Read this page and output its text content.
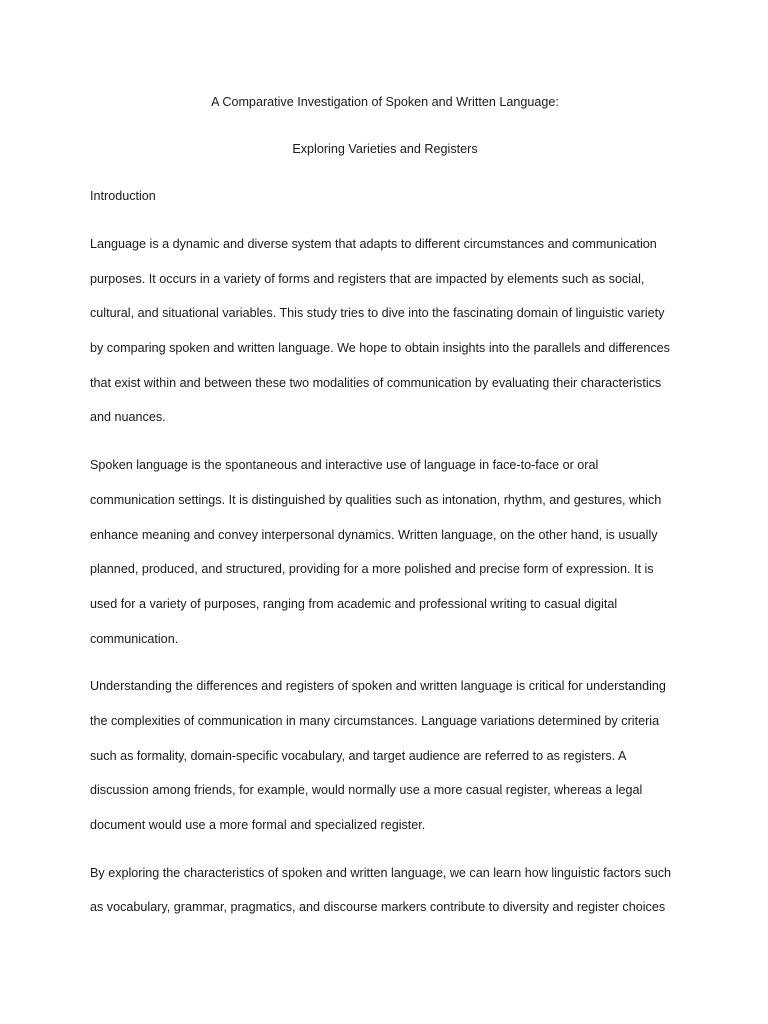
A Comparative Investigation of Spoken and Written Language:
Exploring Varieties and Registers
Introduction

Language is a dynamic and diverse system that adapts to different circumstances and communication
purposes. It occurs in a variety of forms and registers that are impacted by elements such as social,
cultural, and situational variables. This study tries to dive into the fascinating domain of linguistic variety
by comparing spoken and written language. We hope to obtain insights into the parallels and differences
that exist within and between these two modalities of communication by evaluating their characteristics
and nuances.

Spoken language is the spontaneous and interactive use of language in face-to-face or oral
communication settings. It is distinguished by qualities such as intonation, rhythm, and gestures, which
enhance meaning and convey interpersonal dynamics. Written language, on the other hand, is usually
planned, produced, and structured, providing for a more polished and precise form of expression. It is
used for a variety of purposes, ranging from academic and professional writing to casual digital
communication.

Understanding the differences and registers of spoken and written language is critical for understanding
the complexities of communication in many circumstances. Language variations determined by criteria
such as formality, domain-specific vocabulary, and target audience are referred to as registers. A
discussion among friends, for example, would normally use a more casual register, whereas a legal
document would use a more formal and specialized register.

By exploring the characteristics of spoken and written language, we can learn how linguistic factors such
as vocabulary, grammar, pragmatics, and discourse markers contribute to diversity and register choices
